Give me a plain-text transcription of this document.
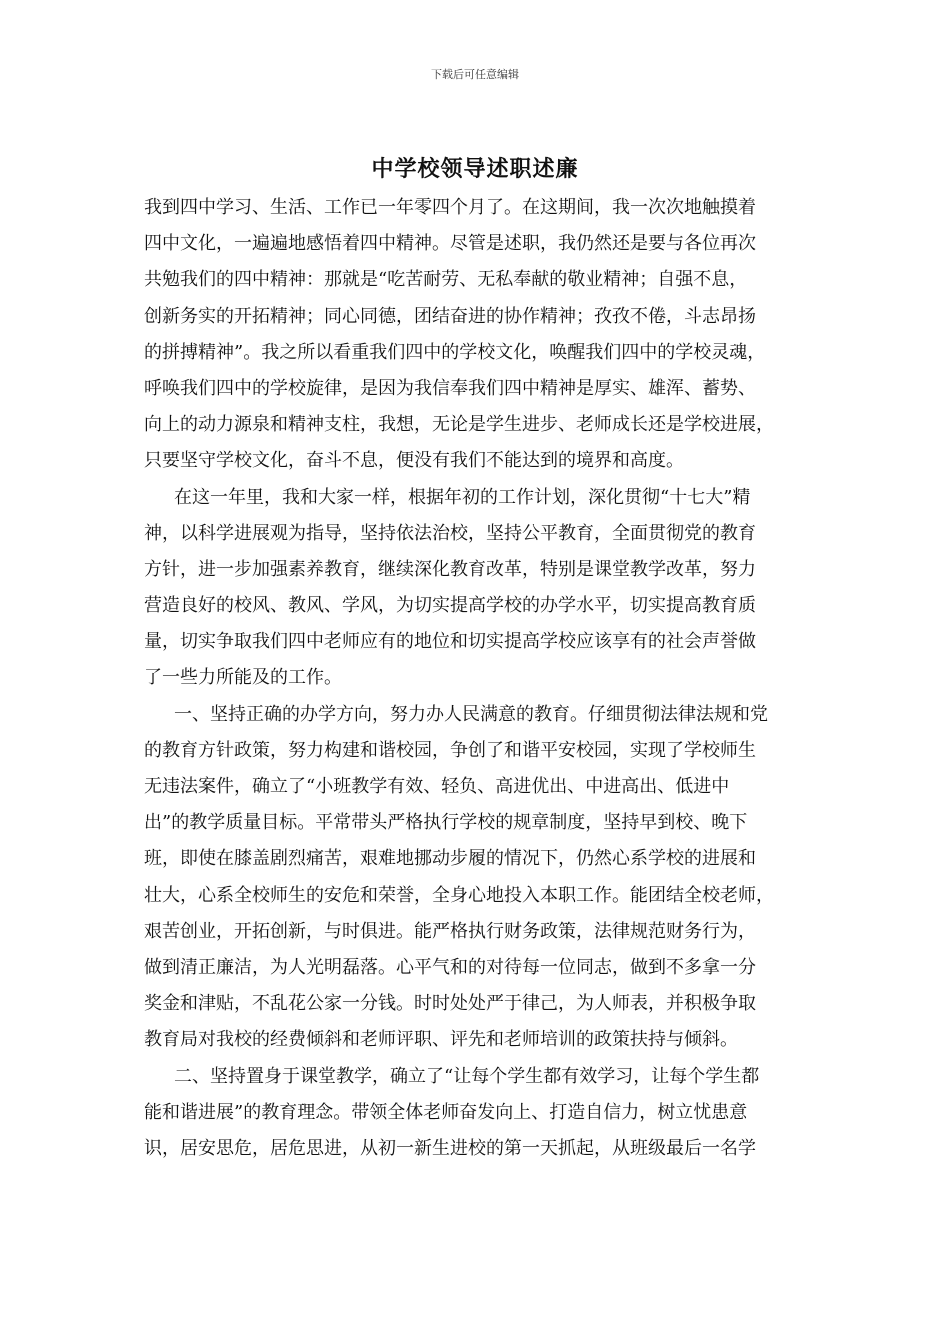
下载后可任意编辑
中学校领导述职述廉
我到四中学习、生活、工作已一年零四个月了。在这期间，我一次次地触摸着
四中文化，一遍遍地感悟着四中精神。尽管是述职，我仍然还是要与各位再次
共勉我们的四中精神：那就是“吃苦耐劳、无私奉献的敬业精神；自强不息，
创新务实的开拓精神；同心同德，团结奋进的协作精神；孜孜不倦，斗志昂扬
的拼搏精神”。我之所以看重我们四中的学校文化，唤醒我们四中的学校灵魂，
呼唤我们四中的学校旋律，是因为我信奉我们四中精神是厚实、雄浑、蓄势、
向上的动力源泉和精神支柱，我想，无论是学生进步、老师成长还是学校进展，
只要坚守学校文化，奋斗不息，便没有我们不能达到的境界和高度。
在这一年里，我和大家一样，根据年初的工作计划，深化贯彻“十七大”精
神，以科学进展观为指导，坚持依法治校，坚持公平教育，全面贯彻党的教育
方针，进一步加强素养教育，继续深化教育改革，特别是课堂教学改革，努力
营造良好的校风、教风、学风，为切实提高学校的办学水平，切实提高教育质
量，切实争取我们四中老师应有的地位和切实提高学校应该享有的社会声誉做
了一些力所能及的工作。
一、坚持正确的办学方向，努力办人民满意的教育。仔细贯彻法律法规和党
的教育方针政策，努力构建和谐校园，争创了和谐平安校园，实现了学校师生
无违法案件，确立了“小班教学有效、轻负、高进优出、中进高出、低进中
出”的教学质量目标。平常带头严格执行学校的规章制度，坚持早到校、晚下
班，即使在膝盖剧烈痛苦，艰难地挪动步履的情况下，仍然心系学校的进展和
壮大，心系全校师生的安危和荣誉，全身心地投入本职工作。能团结全校老师，
艰苦创业，开拓创新，与时俱进。能严格执行财务政策，法律规范财务行为，
做到清正廉洁，为人光明磊落。心平气和的对待每一位同志，做到不多拿一分
奖金和津贴，不乱花公家一分钱。时时处处严于律己，为人师表，并积极争取
教育局对我校的经费倾斜和老师评职、评先和老师培训的政策扶持与倾斜。
二、坚持置身于课堂教学，确立了“让每个学生都有效学习，让每个学生都
能和谐进展”的教育理念。带领全体老师奋发向上、打造自信力，树立忧患意
识，居安思危，居危思进，从初一新生进校的第一天抓起，从班级最后一名学
